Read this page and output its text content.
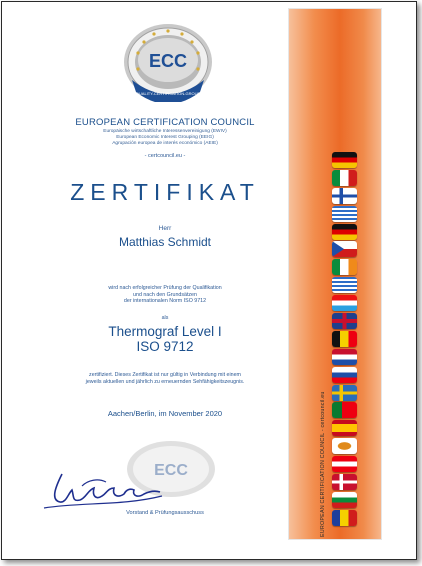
QUALITY-CERTIFICATION-GROUP
ECC
EUROPEAN CERTIFICATION COUNCIL
Europäische wirtschaftliche Interessenvereinigung (EWIV)
European Economic Interest Grouping (EEIG)
Agrupación europea de interés económico (AEIE)
- certcouncil.eu -
ZERTIFIKAT
Herr
Matthias Schmidt
wird nach erfolgreicher Prüfung der Qualifikation
und nach den Grundsätzen
der internationalen Norm ISO 9712
als
Thermograf Level I
ISO 9712
zertifiziert. Dieses Zertifikat ist nur gültig in Verbindung mit einem
jeweils aktuellen und jährlich zu erneuernden Sehfähigkeitszeugnis.
Aachen/Berlin, im November 2020
ECC
Vorstand & Prüfungsausschuss	EUROPEAN CERTIFICATION COUNCIL - certcouncil.eu
